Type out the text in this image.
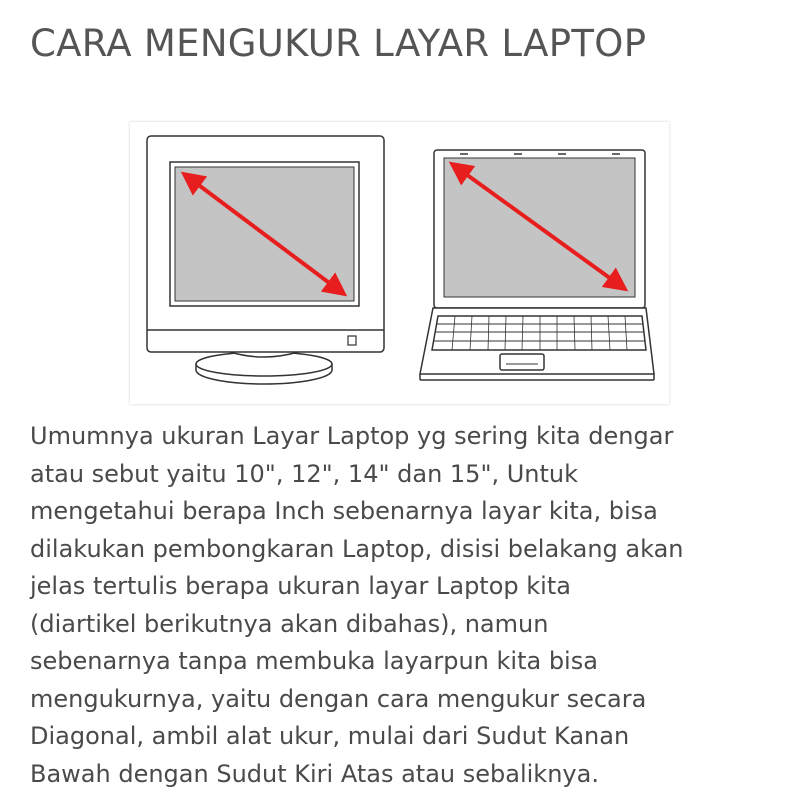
CARA MENGUKUR LAYAR LAPTOP

Umumnya ukuran Layar Laptop yg sering kita dengar
atau sebut yaitu 10", 12", 14" dan 15", Untuk
mengetahui berapa Inch sebenarnya layar kita, bisa
dilakukan pembongkaran Laptop, disisi belakang akan
jelas tertulis berapa ukuran layar Laptop kita
(diartikel berikutnya akan dibahas), namun
sebenarnya tanpa membuka layarpun kita bisa
mengukurnya, yaitu dengan cara mengukur secara
Diagonal, ambil alat ukur, mulai dari Sudut Kanan
Bawah dengan Sudut Kiri Atas atau sebaliknya.
